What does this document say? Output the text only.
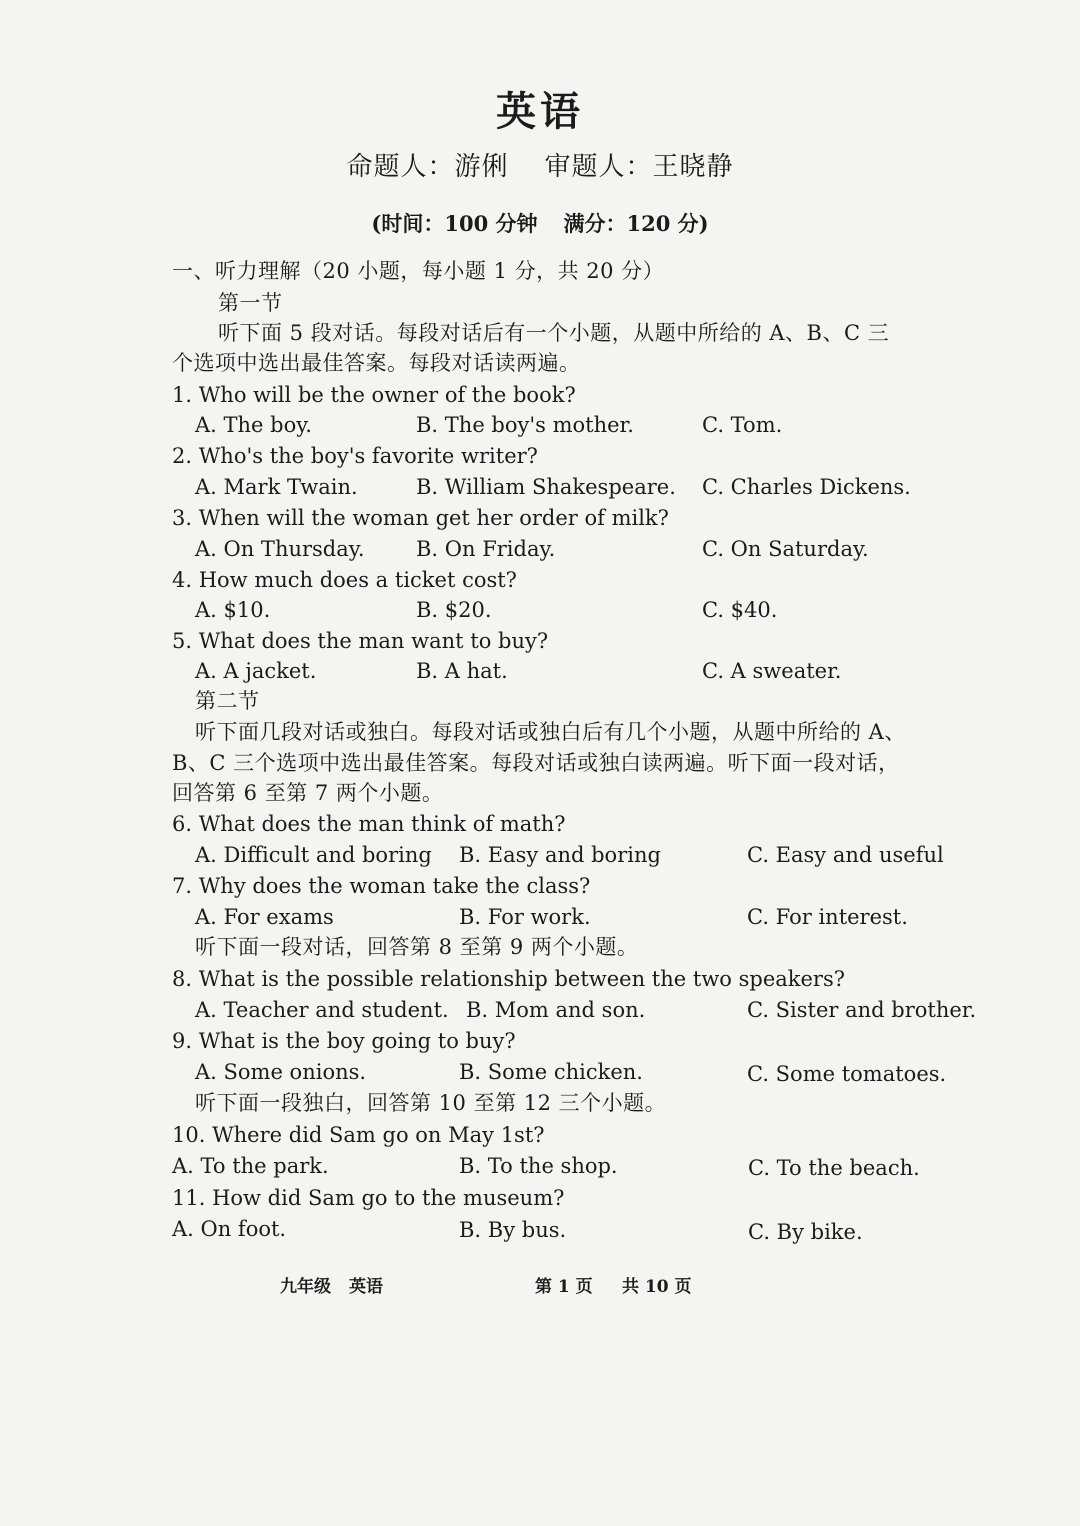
英语
命题人：游俐 审题人：王晓静
(时间：100 分钟 满分：120 分)
一、听力理解（20 小题，每小题 1 分，共 20 分）
第一节
听下面 5 段对话。每段对话后有一个小题，从题中所给的 A、B、C 三
个选项中选出最佳答案。每段对话读两遍。
1. Who will be the owner of the book?
A. The boy.	B. The boy's mother.	C. Tom.
2. Who's the boy's favorite writer?
A. Mark Twain.	B. William Shakespeare. C. Charles Dickens.
3. When will the woman get her order of milk?
A. On Thursday. B. On Friday.	C. On Saturday.
4. How much does a ticket cost?
A. $10.	B. $20.	C. $40.
5. What does the man want to buy?
A. A jacket.	B. A hat.	C. A sweater.
第二节
听下面几段对话或独白。每段对话或独白后有几个小题，从题中所给的 A、
B、C 三个选项中选出最佳答案。每段对话或独白读两遍。听下面一段对话，
回答第 6 至第 7 两个小题。
6. What does the man think of math?
A. Difficult and boring B. Easy and boring	C. Easy and useful
7. Why does the woman take the class?
A. For exams	B. For work.	C. For interest.
听下面一段对话，回答第 8 至第 9 两个小题。
8. What is the possible relationship between the two speakers?
A. Teacher and student. B. Mom and son.	C. Sister and brother.
9. What is the boy going to buy?
A. Some onions.	B. Some chicken.	C. Some tomatoes.
听下面一段独白，回答第 10 至第 12 三个小题。
10. Where did Sam go on May 1st?
A. To the park.	B. To the shop.	C. To the beach.
11. How did Sam go to the museum?
A. On foot.	B. By bus.	C. By bike.
九年级 英语	第 1 页 共 10 页
